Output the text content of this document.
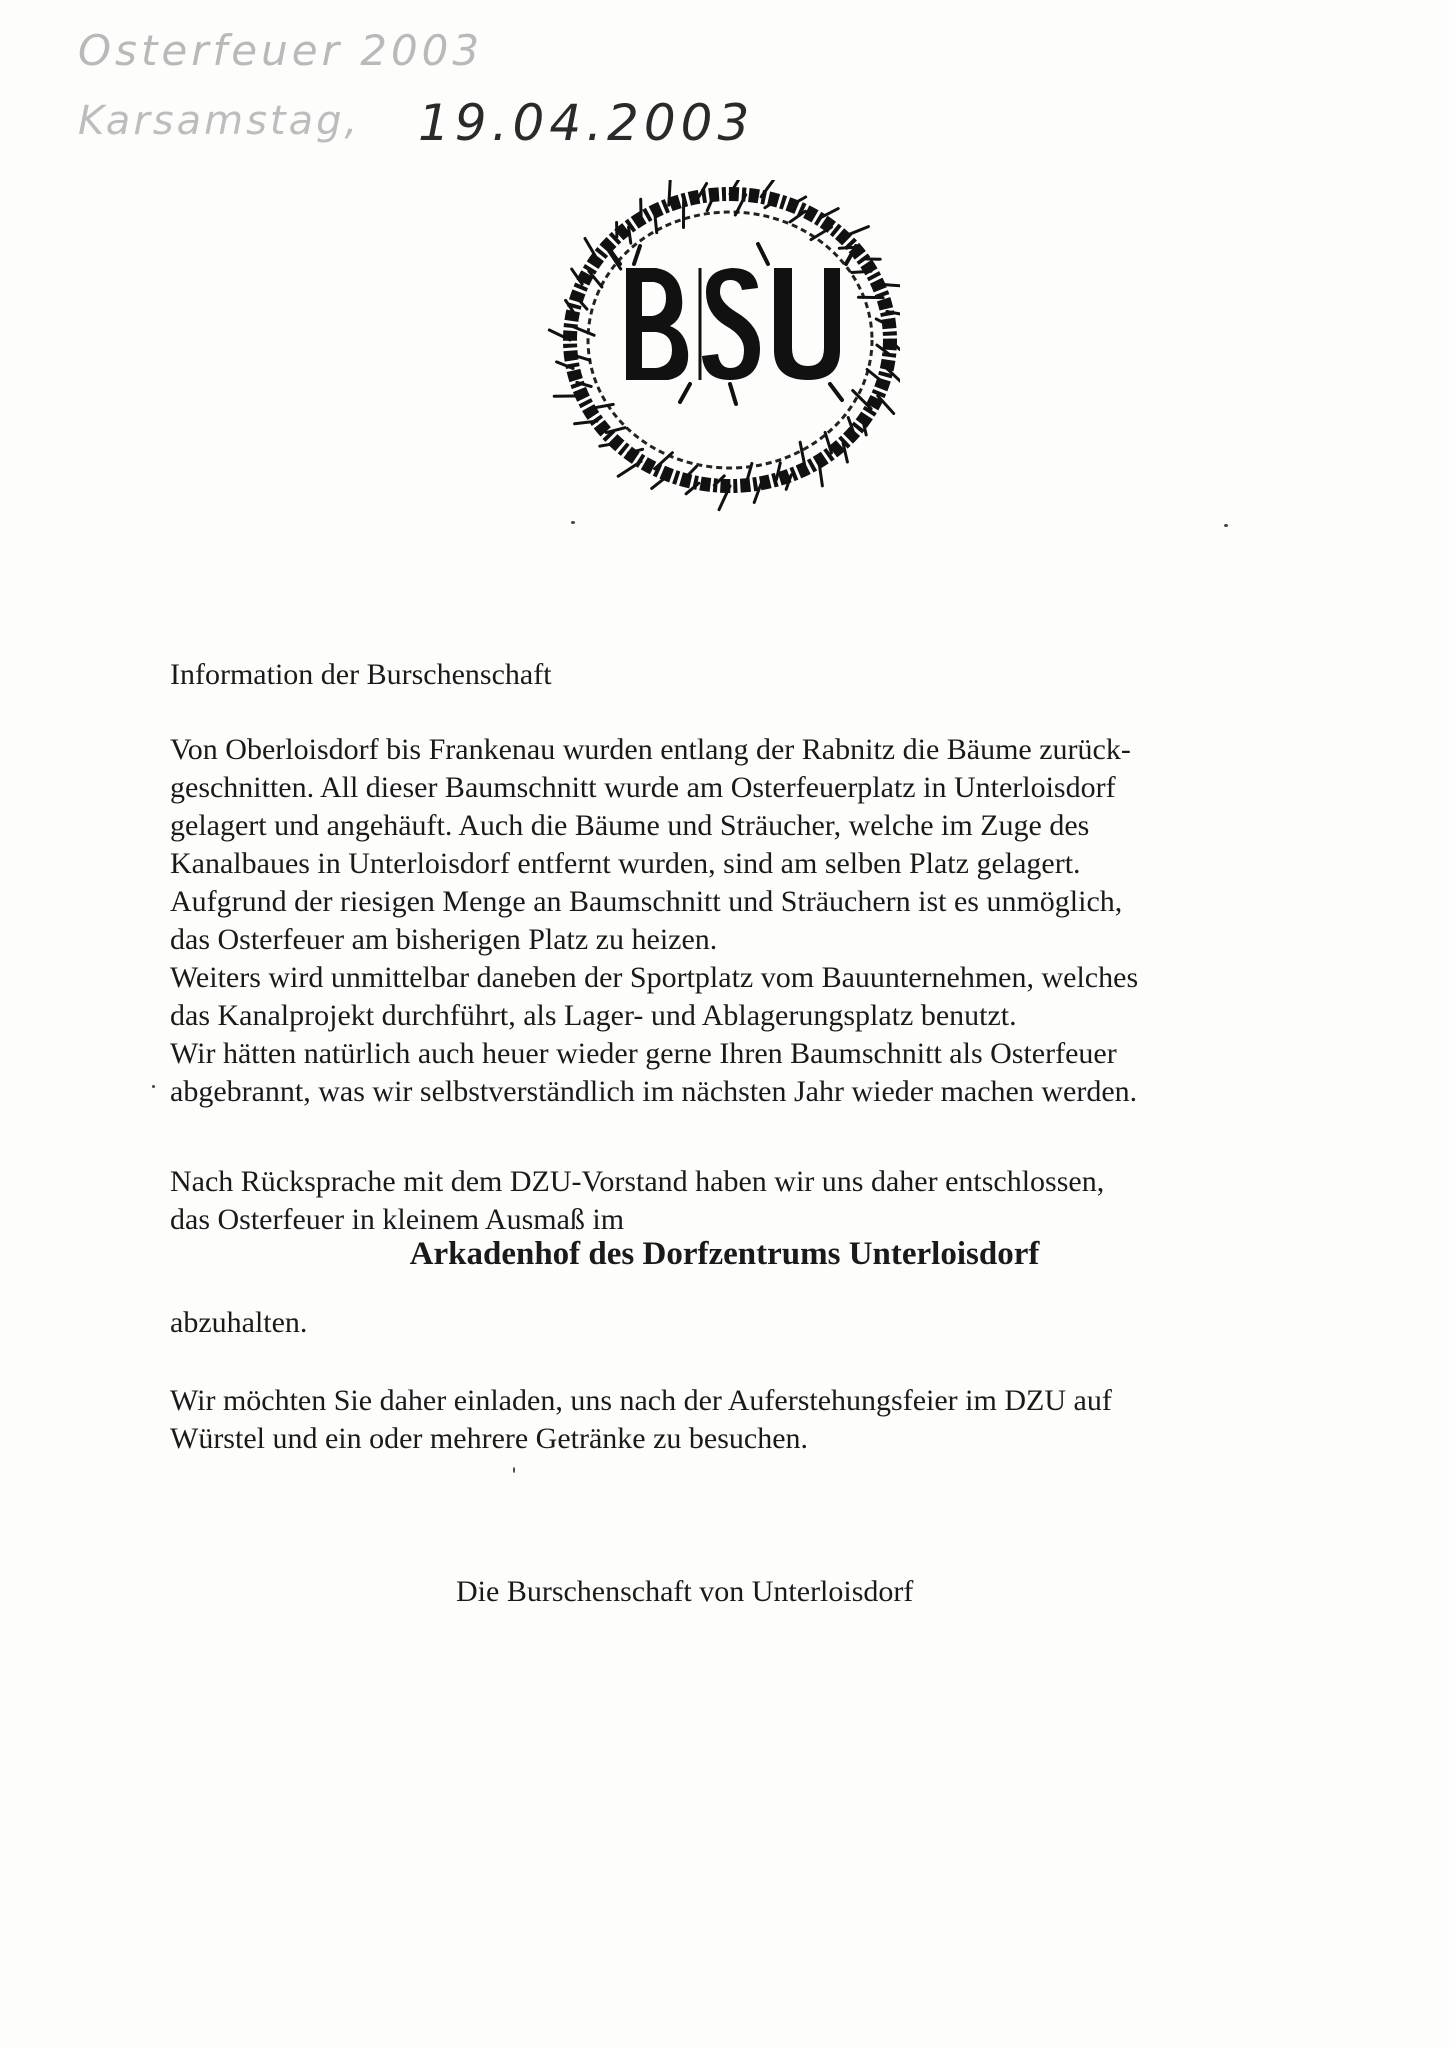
Osterfeuer 2003
Karsamstag, 19.04.2003
Information der Burschenschaft
Von Oberloisdorf bis Frankenau wurden entlang der Rabnitz die Bäume zurück-
geschnitten. All dieser Baumschnitt wurde am Osterfeuerplatz in Unterloisdorf
gelagert und angehäuft. Auch die Bäume und Sträucher, welche im Zuge des
Kanalbaues in Unterloisdorf entfernt wurden, sind am selben Platz gelagert.
Aufgrund der riesigen Menge an Baumschnitt und Sträuchern ist es unmöglich,
das Osterfeuer am bisherigen Platz zu heizen.
Weiters wird unmittelbar daneben der Sportplatz vom Bauunternehmen, welches
das Kanalprojekt durchführt, als Lager- und Ablagerungsplatz benutzt.
Wir hätten natürlich auch heuer wieder gerne Ihren Baumschnitt als Osterfeuer
abgebrannt, was wir selbstverständlich im nächsten Jahr wieder machen werden.
Nach Rücksprache mit dem DZU-Vorstand haben wir uns daher entschlossen,
das Osterfeuer in kleinem Ausmaß im
Arkadenhof des Dorfzentrums Unterloisdorf
abzuhalten.
Wir möchten Sie daher einladen, uns nach der Auferstehungsfeier im DZU auf
Würstel und ein oder mehrere Getränke zu besuchen.
Die Burschenschaft von Unterloisdorf
